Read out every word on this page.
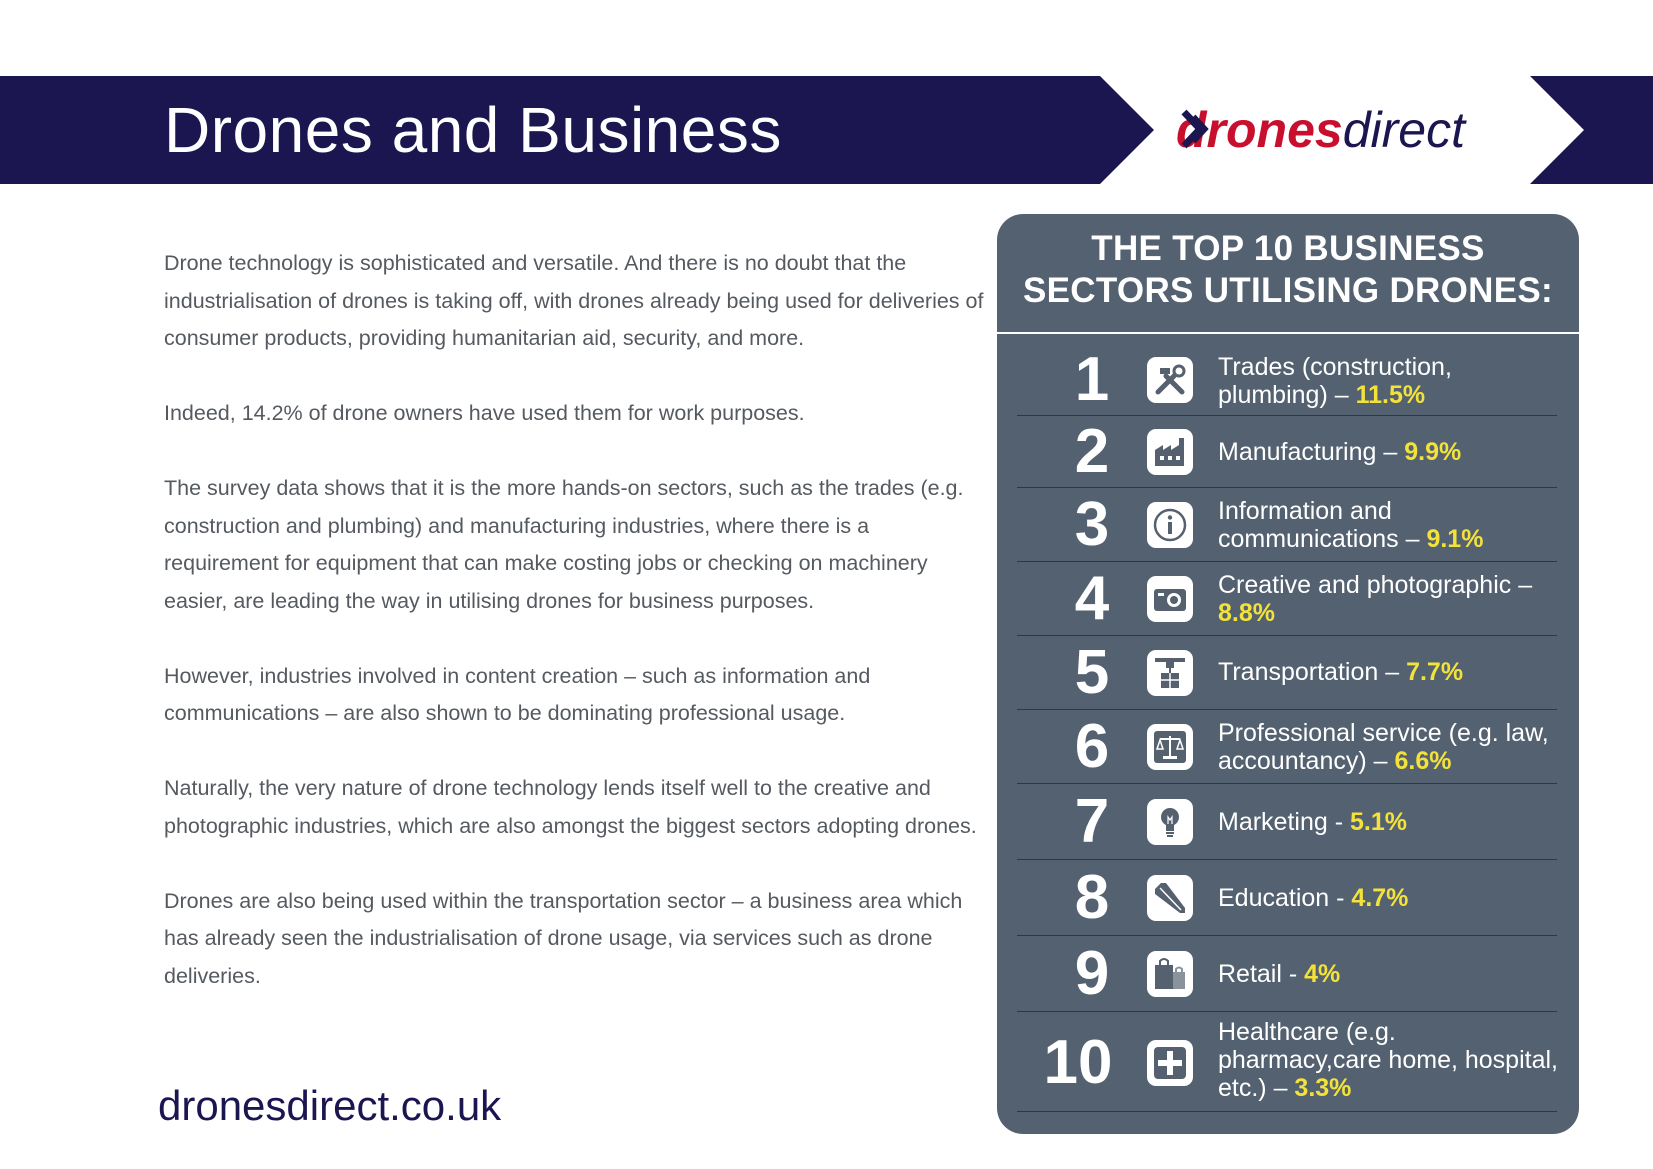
Drones and Business	dronesdirect

Drone technology is sophisticated and versatile. And there is no doubt that the industrialisation of drones is taking off, with drones already being used for deliveries of consumer products, providing humanitarian aid, security, and more.

Indeed, 14.2% of drone owners have used them for work purposes.

The survey data shows that it is the more hands-on sectors, such as the trades (e.g. construction and plumbing) and manufacturing industries, where there is a requirement for equipment that can make costing jobs or checking on machinery easier, are leading the way in utilising drones for business purposes.

However, industries involved in content creation – such as information and communications – are also shown to be dominating professional usage.

Naturally, the very nature of drone technology lends itself well to the creative and photographic industries, which are also amongst the biggest sectors adopting drones.

Drones are also being used within the transportation sector – a business area which has already seen the industrialisation of drone usage, via services such as drone deliveries.

dronesdirect.co.uk
THE TOP 10 BUSINESS
SECTORS UTILISING DRONES:
1	Trades (construction, plumbing) – 11.5%
2	Manufacturing – 9.9%
3	Information and communications – 9.1%
4	Creative and photographic – 8.8%
5	Transportation – 7.7%
6	Professional service (e.g. law, accountancy) – 6.6%
7	Marketing - 5.1%
8	Education - 4.7%
9	Retail - 4%
10	Healthcare (e.g. pharmacy,care home, hospital, etc.) – 3.3%
